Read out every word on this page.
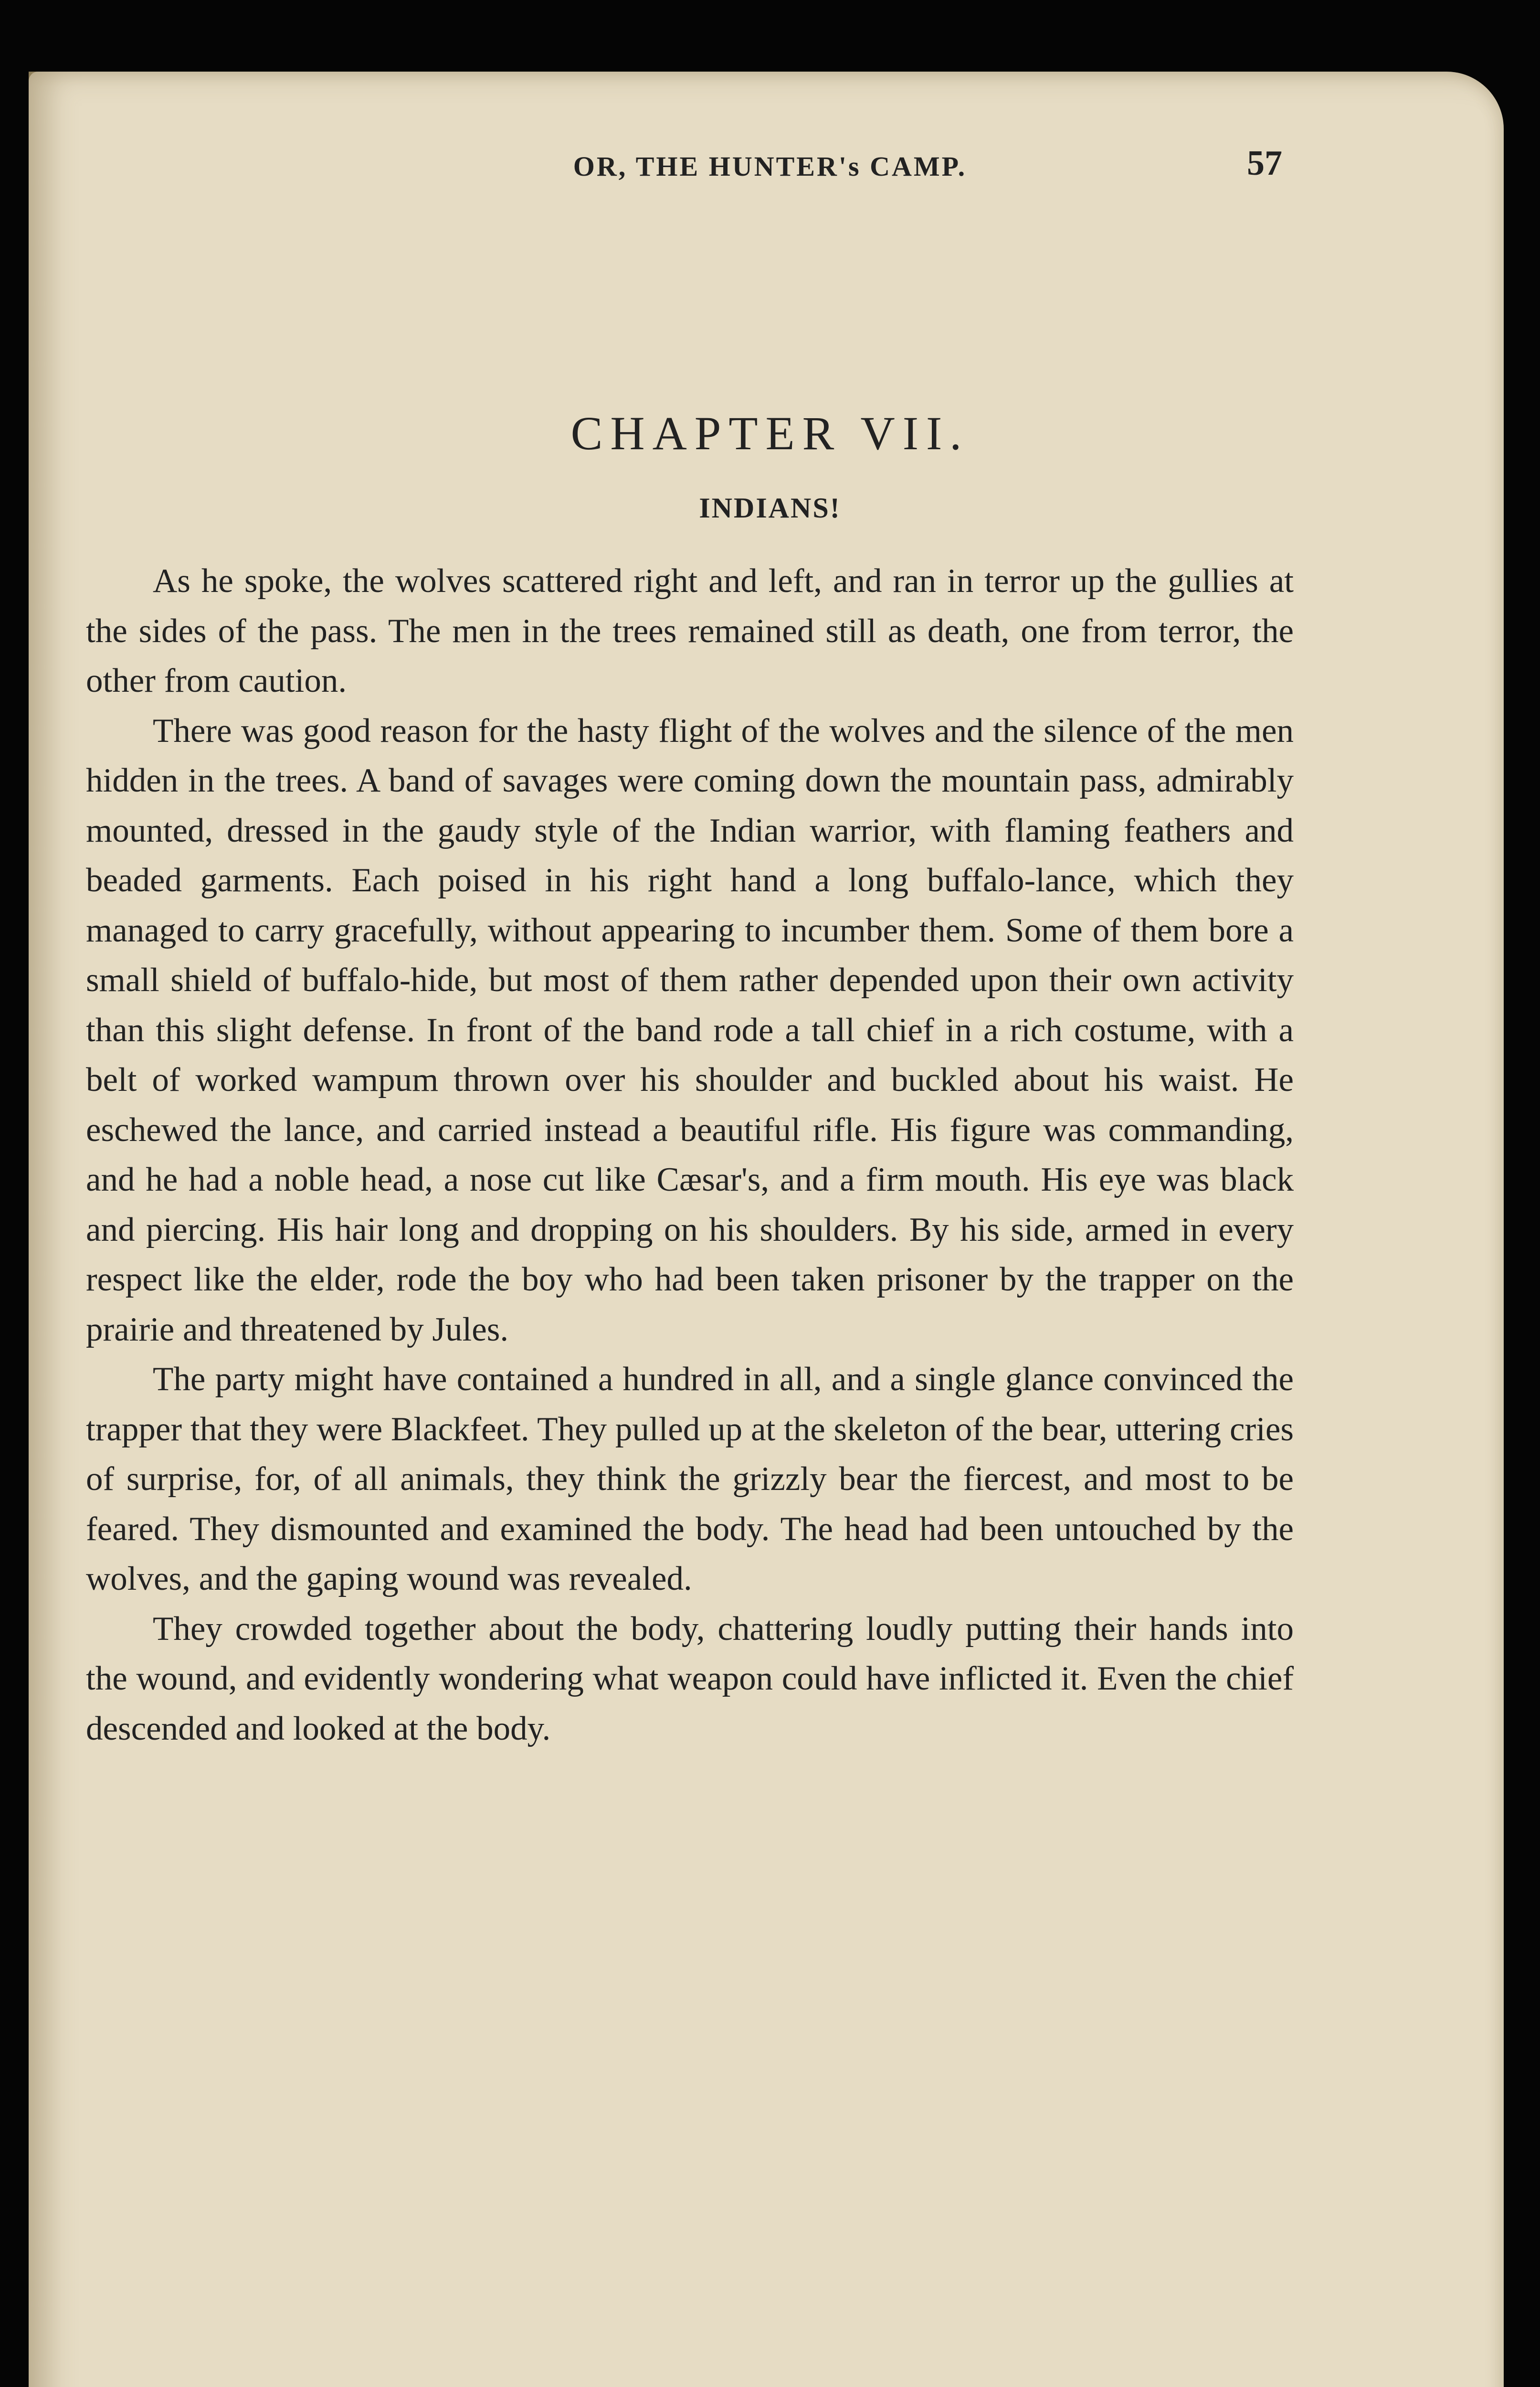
OR, THE HUNTER's CAMP.	57
CHAPTER VII.
INDIANS!

As he spoke, the wolves scattered right and left, and ran in terror up the gullies at the sides of the pass. The men in the trees remained still as death, one from terror, the other from caution.

There was good reason for the hasty flight of the wolves and the silence of the men hidden in the trees. A band of savages were coming down the mountain pass, admirably mounted, dressed in the gaudy style of the Indian warrior, with flaming feathers and beaded garments. Each poised in his right hand a long buffalo-lance, which they managed to carry gracefully, without appearing to incumber them. Some of them bore a small shield of buffalo-hide, but most of them rather depended upon their own activity than this slight defense. In front of the band rode a tall chief in a rich costume, with a belt of worked wampum thrown over his shoulder and buckled about his waist. He eschewed the lance, and carried instead a beautiful rifle. His figure was commanding, and he had a noble head, a nose cut like Cæsar's, and a firm mouth. His eye was black and piercing. His hair long and dropping on his shoulders. By his side, armed in every respect like the elder, rode the boy who had been taken prisoner by the trapper on the prairie and threatened by Jules.

The party might have contained a hundred in all, and a single glance convinced the trapper that they were Blackfeet. They pulled up at the skeleton of the bear, uttering cries of surprise, for, of all animals, they think the grizzly bear the fiercest, and most to be feared. They dismounted and examined the body. The head had been untouched by the wolves, and the gaping wound was revealed.

They crowded together about the body, chattering loudly putting their hands into the wound, and evidently wondering what weapon could have inflicted it. Even the chief descended and looked at the body.
